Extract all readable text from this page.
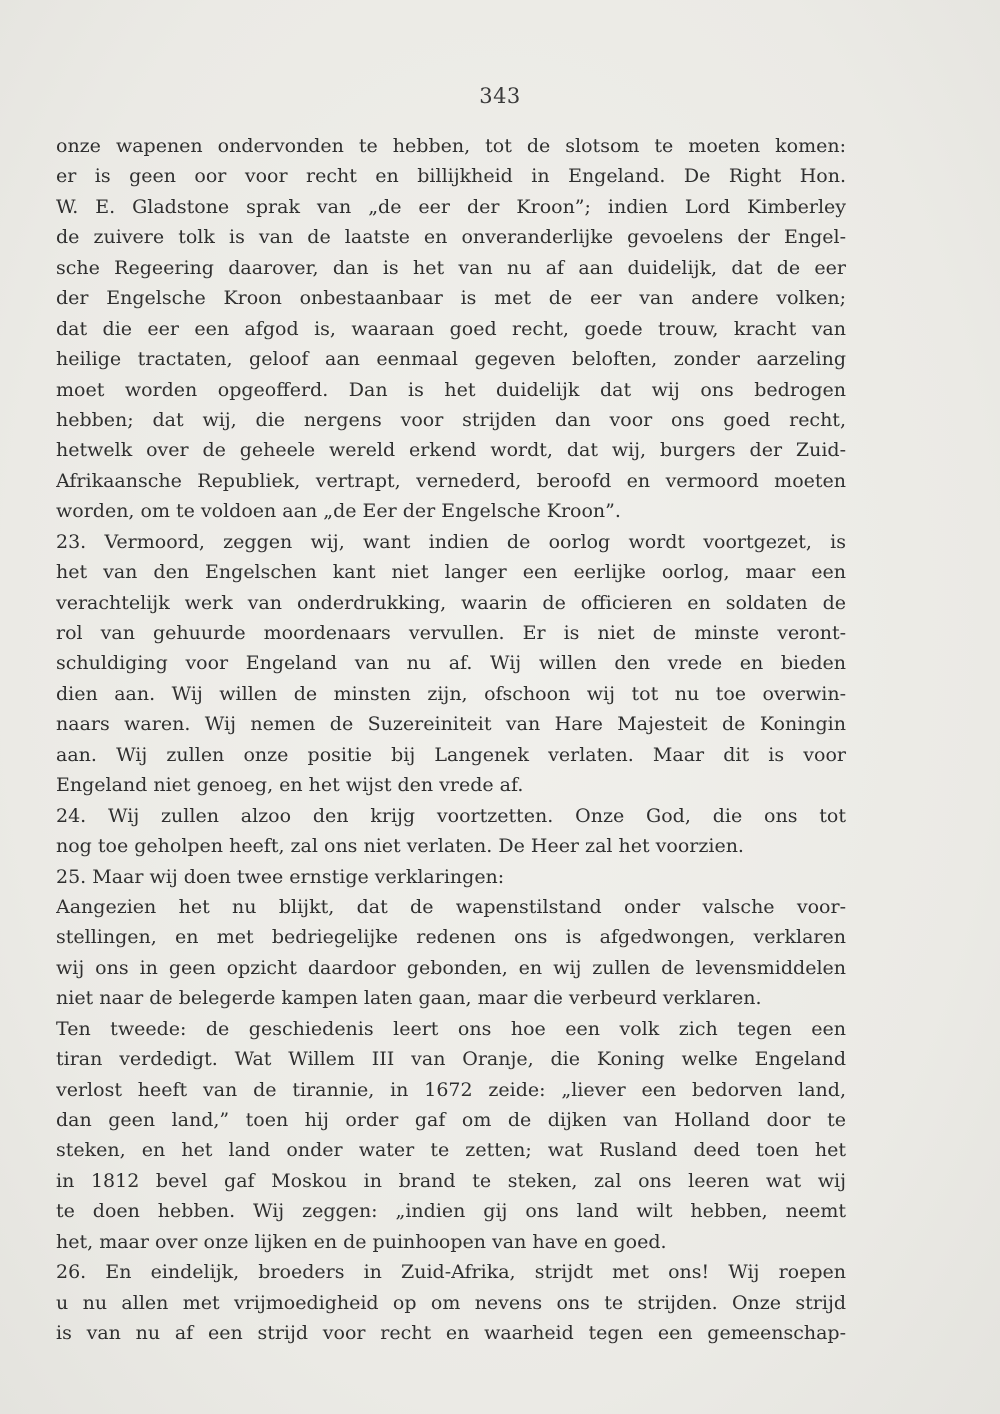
343
onze wapenen ondervonden te hebben, tot de slotsom te moeten komen:
er is geen oor voor recht en billijkheid in Engeland. De Right Hon.
W. E. Gladstone sprak van „de eer der Kroon”; indien Lord Kimberley
de zuivere tolk is van de laatste en onveranderlijke gevoelens der Engel-
sche Regeering daarover, dan is het van nu af aan duidelijk, dat de eer
der Engelsche Kroon onbestaanbaar is met de eer van andere volken;
dat die eer een afgod is, waaraan goed recht, goede trouw, kracht van
heilige tractaten, geloof aan eenmaal gegeven beloften, zonder aarzeling
moet worden opgeofferd. Dan is het duidelijk dat wij ons bedrogen
hebben; dat wij, die nergens voor strijden dan voor ons goed recht,
hetwelk over de geheele wereld erkend wordt, dat wij, burgers der Zuid-
Afrikaansche Republiek, vertrapt, vernederd, beroofd en vermoord moeten
worden, om te voldoen aan „de Eer der Engelsche Kroon”.
23. Vermoord, zeggen wij, want indien de oorlog wordt voortgezet, is
het van den Engelschen kant niet langer een eerlijke oorlog, maar een
verachtelijk werk van onderdrukking, waarin de officieren en soldaten de
rol van gehuurde moordenaars vervullen. Er is niet de minste veront-
schuldiging voor Engeland van nu af. Wij willen den vrede en bieden
dien aan. Wij willen de minsten zijn, ofschoon wij tot nu toe overwin-
naars waren. Wij nemen de Suzereiniteit van Hare Majesteit de Koningin
aan. Wij zullen onze positie bij Langenek verlaten. Maar dit is voor
Engeland niet genoeg, en het wijst den vrede af.
24. Wij zullen alzoo den krijg voortzetten. Onze God, die ons tot
nog toe geholpen heeft, zal ons niet verlaten. De Heer zal het voorzien.
25. Maar wij doen twee ernstige verklaringen:
Aangezien het nu blijkt, dat de wapenstilstand onder valsche voor-
stellingen, en met bedriegelijke redenen ons is afgedwongen, verklaren
wij ons in geen opzicht daardoor gebonden, en wij zullen de levensmiddelen
niet naar de belegerde kampen laten gaan, maar die verbeurd verklaren.
Ten tweede: de geschiedenis leert ons hoe een volk zich tegen een
tiran verdedigt. Wat Willem III van Oranje, die Koning welke Engeland
verlost heeft van de tirannie, in 1672 zeide: „liever een bedorven land,
dan geen land,” toen hij order gaf om de dijken van Holland door te
steken, en het land onder water te zetten; wat Rusland deed toen het
in 1812 bevel gaf Moskou in brand te steken, zal ons leeren wat wij
te doen hebben. Wij zeggen: „indien gij ons land wilt hebben, neemt
het, maar over onze lijken en de puinhoopen van have en goed.
26. En eindelijk, broeders in Zuid-Afrika, strijdt met ons! Wij roepen
u nu allen met vrijmoedigheid op om nevens ons te strijden. Onze strijd
is van nu af een strijd voor recht en waarheid tegen een gemeenschap-
